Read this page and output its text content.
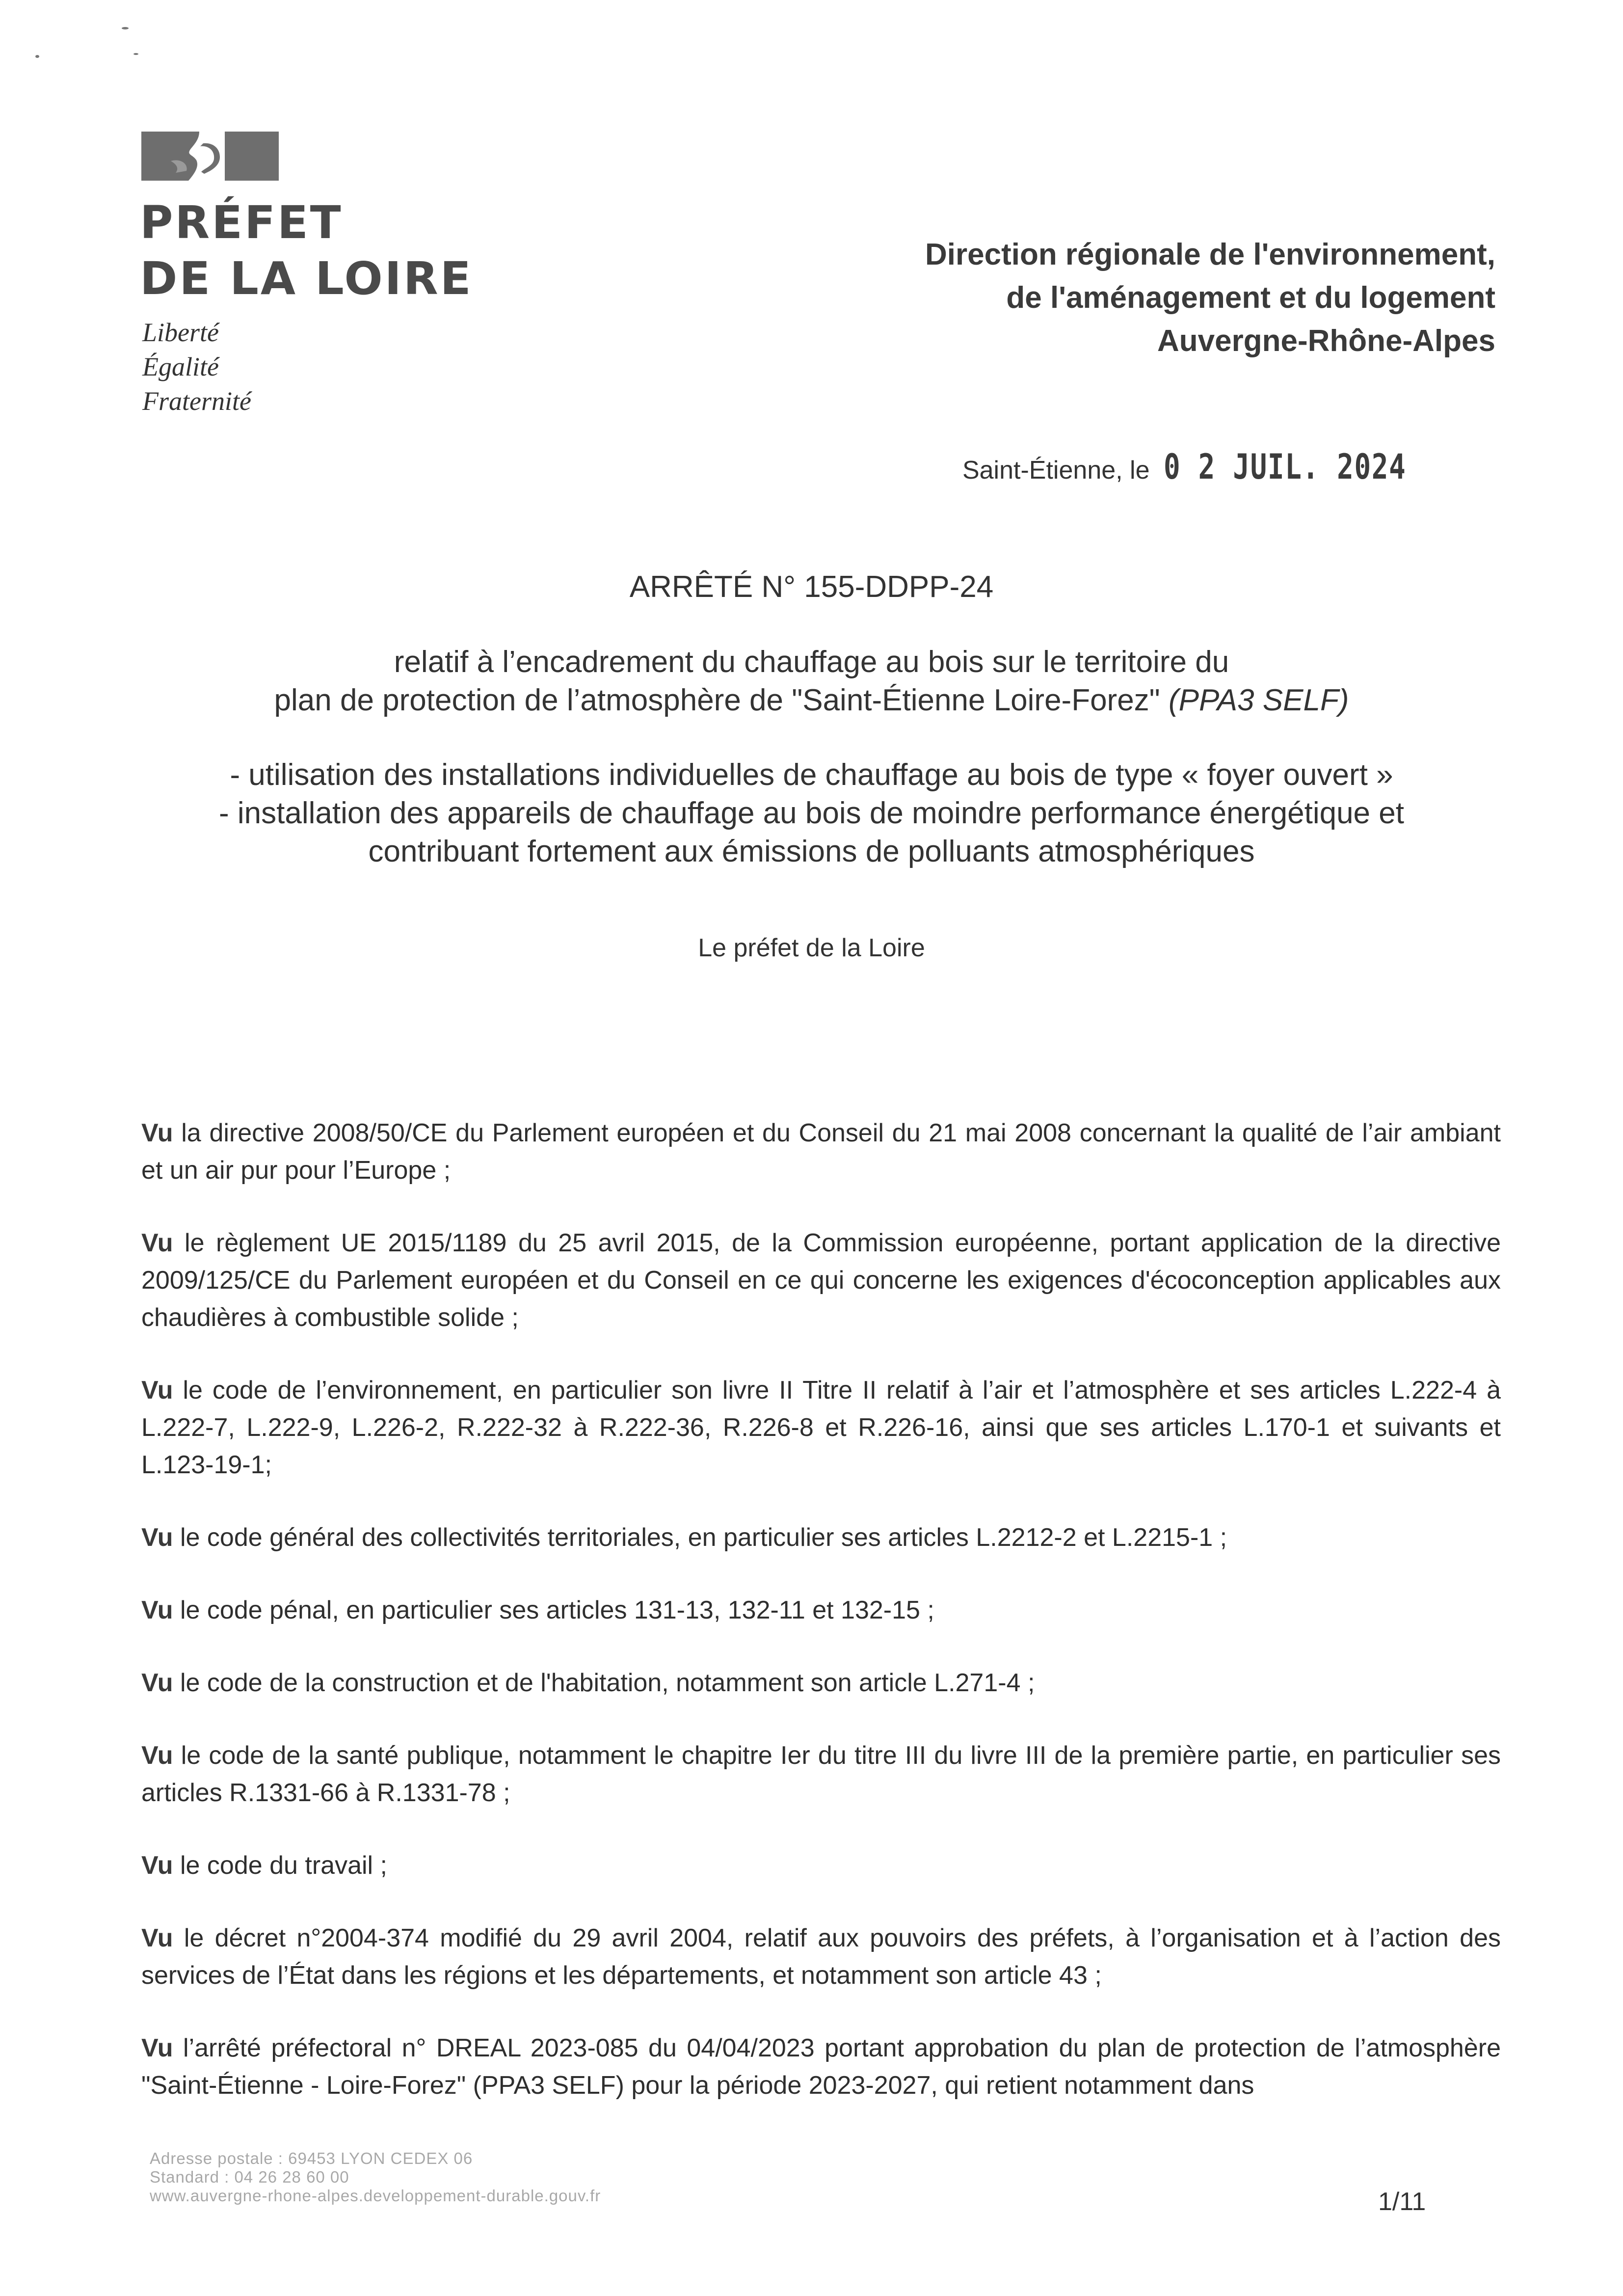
PRÉFET
DE LA LOIRE
Liberté
Égalité
Fraternité
Direction régionale de l'environnement,
de l'aménagement et du logement
Auvergne-Rhône-Alpes
Saint-Étienne, le 0 2 JUIL. 2024
ARRÊTÉ N° 155-DDPP-24
relatif à l’encadrement du chauffage au bois sur le territoire du
plan de protection de l’atmosphère de "Saint-Étienne Loire-Forez" (PPA3 SELF)
- utilisation des installations individuelles de chauffage au bois de type « foyer ouvert »
- installation des appareils de chauffage au bois de moindre performance énergétique et
contribuant fortement aux émissions de polluants atmosphériques
Le préfet de la Loire

Vu la directive 2008/50/CE du Parlement européen et du Conseil du 21 mai 2008 concernant la qualité de l’air ambiant et un air pur pour l’Europe ;

Vu le règlement UE 2015/1189 du 25 avril 2015, de la Commission européenne, portant application de la directive 2009/125/CE du Parlement européen et du Conseil en ce qui concerne les exigences d'écoconception applicables aux chaudières à combustible solide ;

Vu le code de l’environnement, en particulier son livre II Titre II relatif à l’air et l’atmosphère et ses articles L.222-4 à L.222-7, L.222-9, L.226-2, R.222-32 à R.222-36, R.226-8 et R.226-16, ainsi que ses articles L.170-1 et suivants et L.123-19-1;

Vu le code général des collectivités territoriales, en particulier ses articles L.2212-2 et L.2215-1 ;

Vu le code pénal, en particulier ses articles 131-13, 132-11 et 132-15 ;

Vu le code de la construction et de l'habitation, notamment son article L.271-4 ;

Vu le code de la santé publique, notamment le chapitre Ier du titre III du livre III de la première partie, en particulier ses articles R.1331-66 à R.1331-78 ;

Vu le code du travail ;

Vu le décret n°2004-374 modifié du 29 avril 2004, relatif aux pouvoirs des préfets, à l’organisation et à l’action des services de l’État dans les régions et les départements, et notamment son article 43 ;

Vu l’arrêté préfectoral n° DREAL 2023-085 du 04/04/2023 portant approbation du plan de protection de l’atmosphère "Saint-Étienne - Loire-Forez" (PPA3 SELF) pour la période 2023-2027, qui retient notamment dans

Adresse postale : 69453 LYON CEDEX 06
Standard : 04 26 28 60 00
www.auvergne-rhone-alpes.developpement-durable.gouv.fr	1/11
